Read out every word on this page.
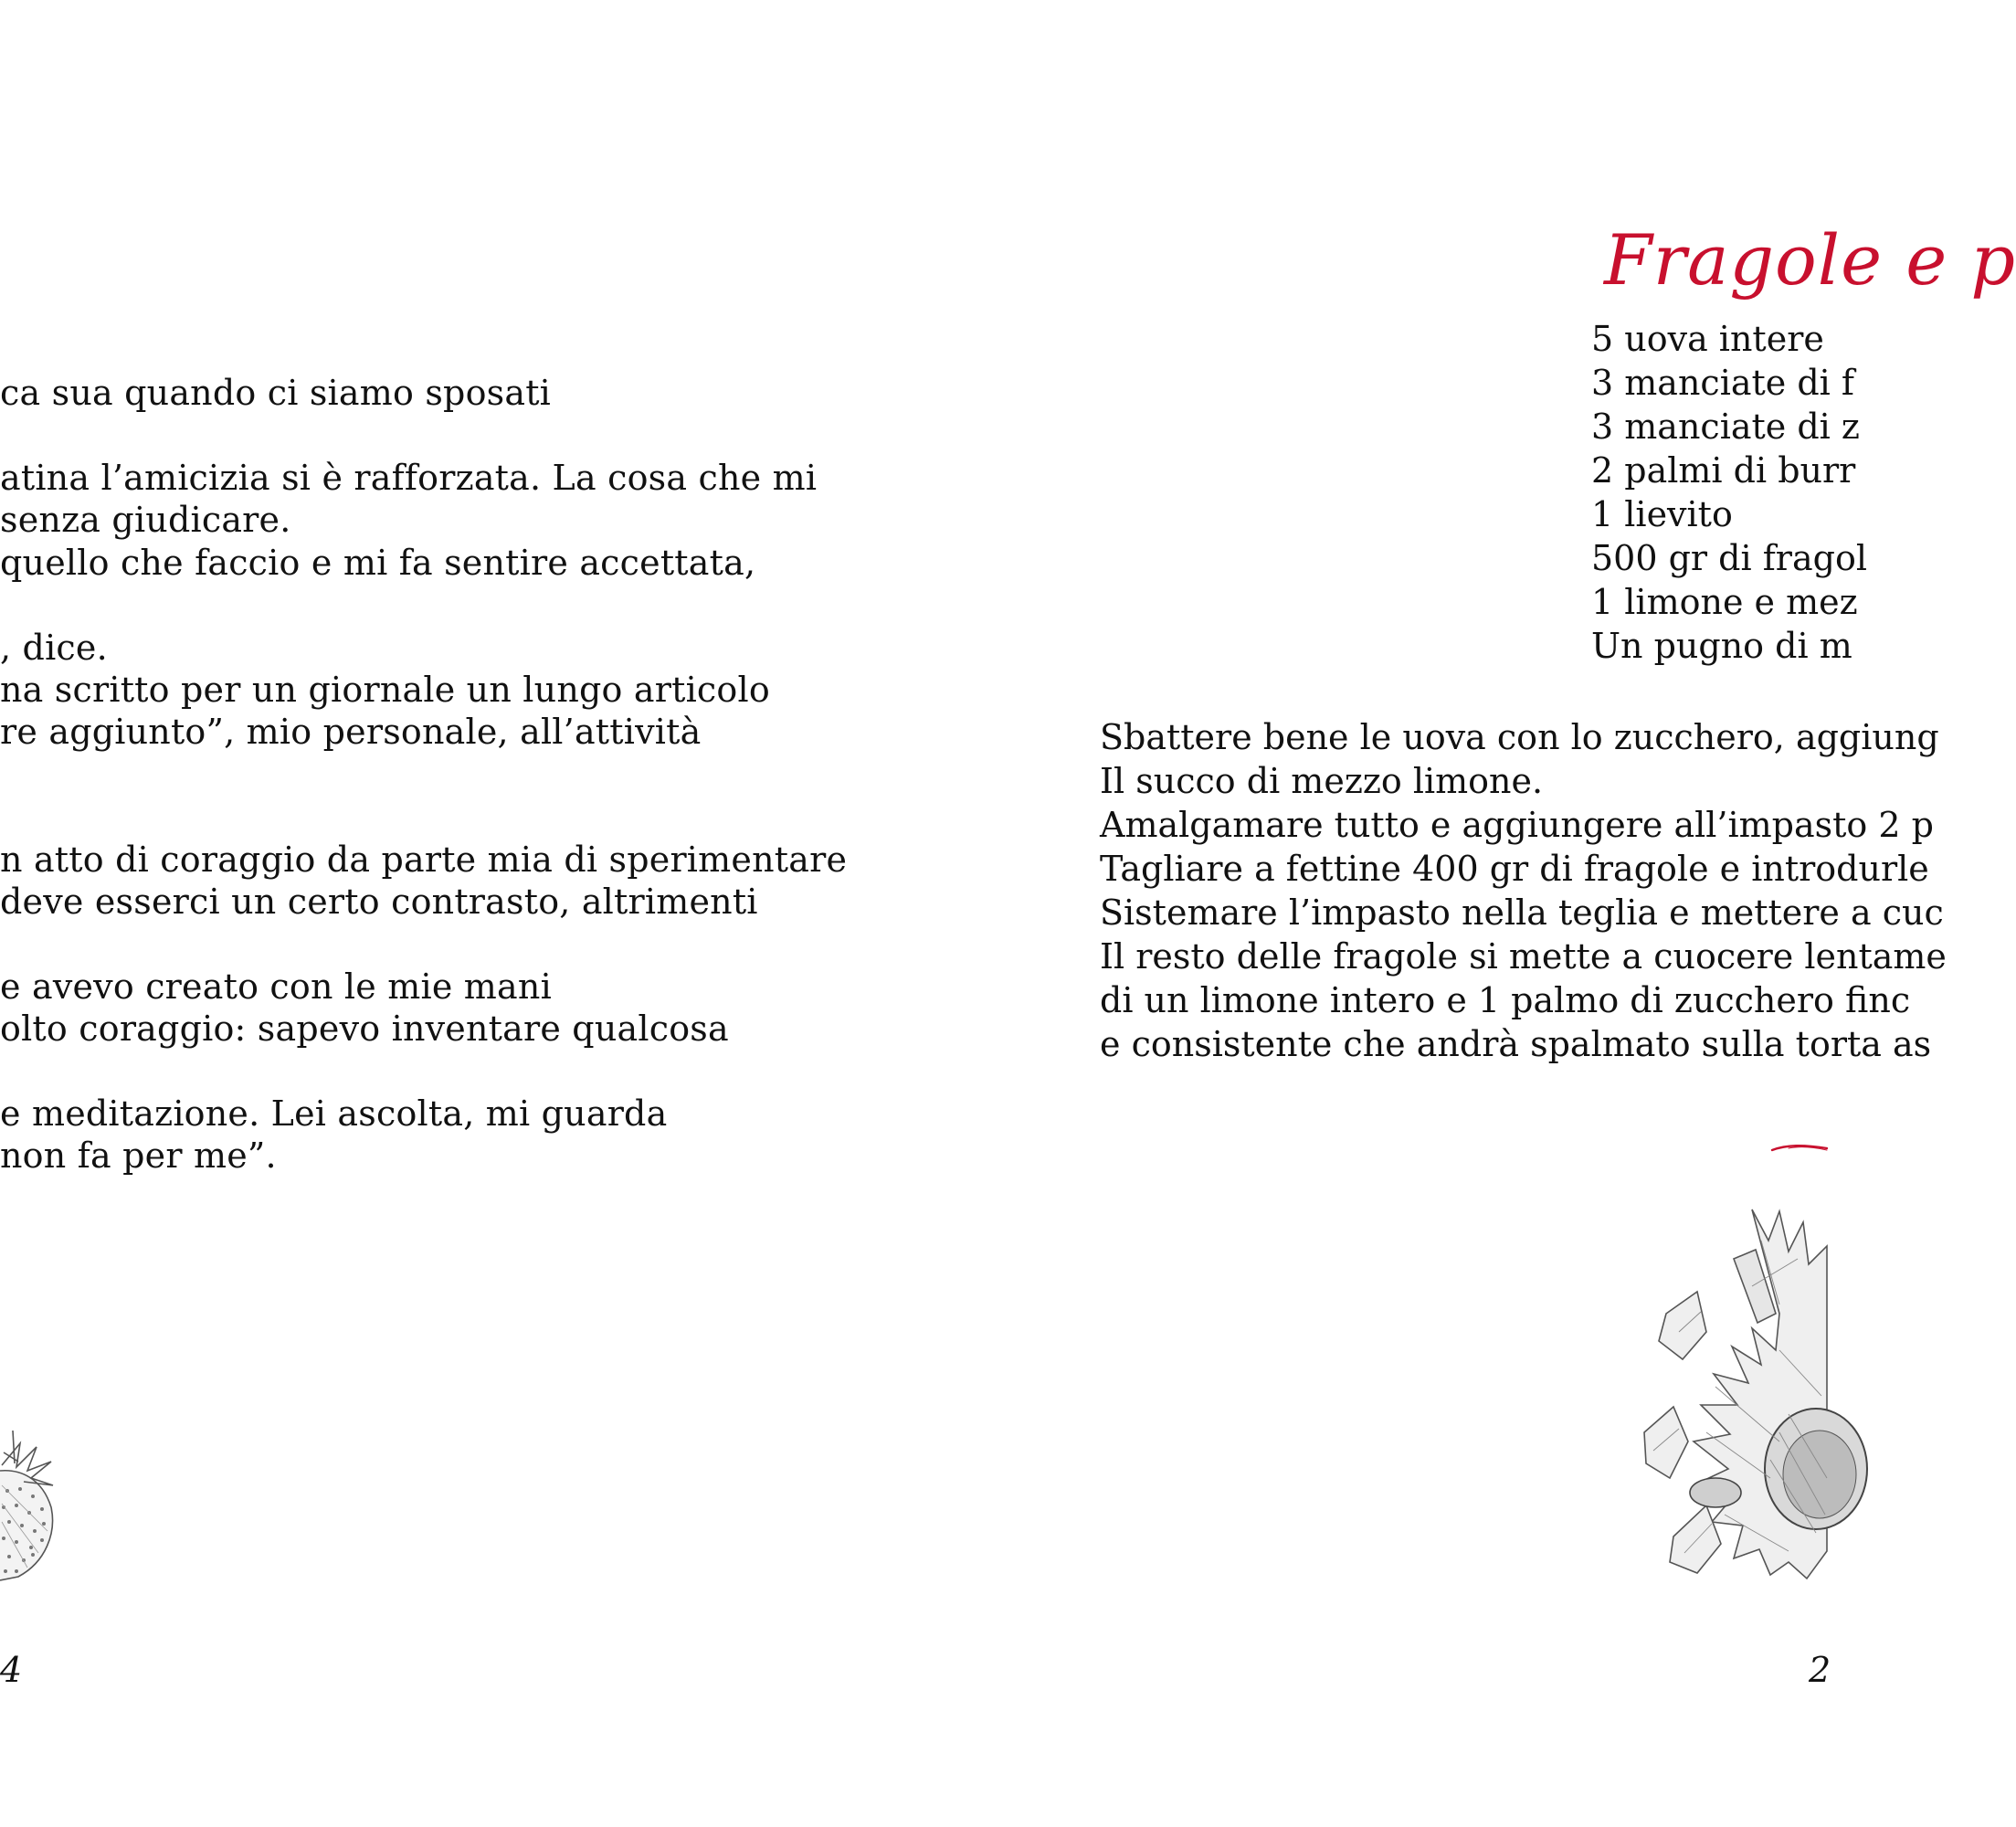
ca sua quando ci siamo sposati
atina l’amicizia si è rafforzata. La cosa che mi
senza giudicare.
quello che faccio e mi fa sentire accettata,
, dice.
na scritto per un giornale un lungo articolo
re aggiunto”, mio personale, all’attività
n atto di coraggio da parte mia di sperimentare
deve esserci un certo contrasto, altrimenti
e avevo creato con le mie mani
olto coraggio: sapevo inventare qualcosa
e meditazione. Lei ascolta, mi guarda
non fa per me”.
4
Fragole e p
5 uova intere
3 manciate di f
3 manciate di z
2 palmi di burr
1 lievito
500 gr di fragol
1 limone e mez
Un pugno di m
Sbattere bene le uova con lo zucchero, aggiung
Il succo di mezzo limone.
Amalgamare tutto e aggiungere all’impasto 2 p
Tagliare a fettine 400 gr di fragole e introdurle
Sistemare l’impasto nella teglia e mettere a cuc
Il resto delle fragole si mette a cuocere lentame
di un limone intero e 1 palmo di zucchero finc
e consistente che andrà spalmato sulla torta as
2
